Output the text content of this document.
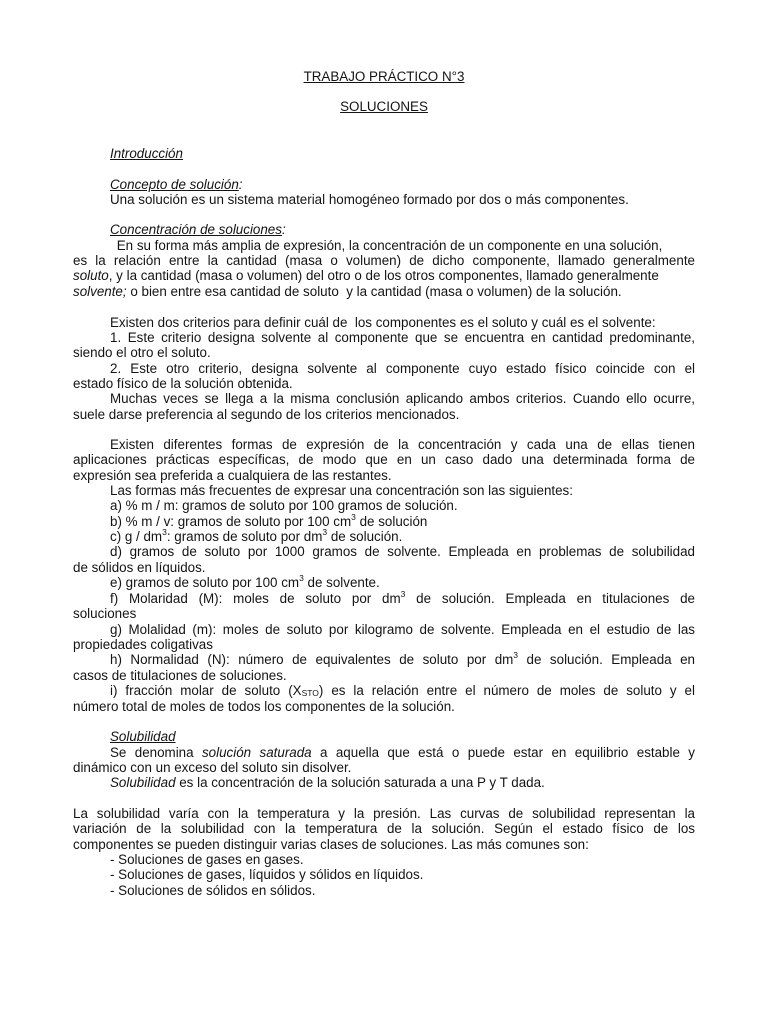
TRABAJO PRÁCTICO N°3
SOLUCIONES
Introducción
Concepto de solución:
Una solución es un sistema material homogéneo formado por dos o más componentes.
Concentración de soluciones:
En su forma más amplia de expresión, la concentración de un componente en una solución,
es la relación entre la cantidad (masa o volumen) de dicho componente, llamado generalmente
soluto, y la cantidad (masa o volumen) del otro o de los otros componentes, llamado generalmente
solvente; o bien entre esa cantidad de soluto  y la cantidad (masa o volumen) de la solución.
Existen dos criterios para definir cuál de  los componentes es el soluto y cuál es el solvente:
1. Este criterio designa solvente al componente que se encuentra en cantidad predominante,
siendo el otro el soluto.
2. Este otro criterio, designa solvente al componente cuyo estado físico coincide con el
estado físico de la solución obtenida.
Muchas veces se llega a la misma conclusión aplicando ambos criterios. Cuando ello ocurre,
suele darse preferencia al segundo de los criterios mencionados.
Existen diferentes formas de expresión de la concentración y cada una de ellas tienen
aplicaciones prácticas específicas, de modo que en un caso dado una determinada forma de
expresión sea preferida a cualquiera de las restantes.
Las formas más frecuentes de expresar una concentración son las siguientes:
a) % m / m: gramos de soluto por 100 gramos de solución.
b) % m / v: gramos de soluto por 100 $cm^3$ de solución
c) g / $dm^3$: gramos de soluto por $dm^3$ de solución.
d) gramos de soluto por 1000 gramos de solvente. Empleada en problemas de solubilidad
de sólidos en líquidos.
e) gramos de soluto por 100 $cm^3$ de solvente.
f) Molaridad (M): moles de soluto por $dm^3$ de solución. Empleada en titulaciones de
soluciones
g) Molalidad (m): moles de soluto por kilogramo de solvente. Empleada en el estudio de las
propiedades coligativas
h) Normalidad (N): número de equivalentes de soluto por $dm^3$ de solución. Empleada en
casos de titulaciones de soluciones.
i) fracción molar de soluto $(X_{STO})$ es la relación entre el número de moles de soluto y el
número total de moles de todos los componentes de la solución.
Solubilidad
Se denomina solución saturada a aquella que está o puede estar en equilibrio estable y
dinámico con un exceso del soluto sin disolver.
Solubilidad es la concentración de la solución saturada a una P y T dada.
La solubilidad varía con la temperatura y la presión. Las curvas de solubilidad representan la
variación de la solubilidad con la temperatura de la solución. Según el estado físico de los
componentes se pueden distinguir varias clases de soluciones. Las más comunes son:
- Soluciones de gases en gases.
- Soluciones de gases, líquidos y sólidos en líquidos.
- Soluciones de sólidos en sólidos.
